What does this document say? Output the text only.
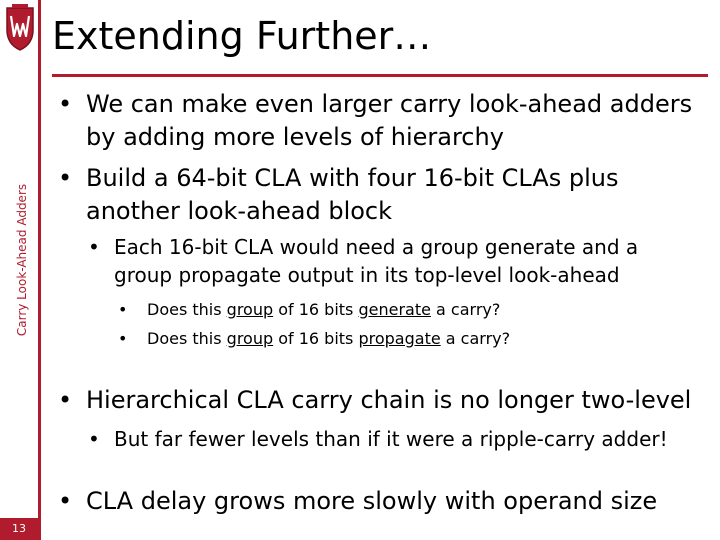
Carry Look-Ahead Adders
13
Extending Further…
• We can make even larger carry look-ahead adders
by adding more levels of hierarchy
• Build a 64-bit CLA with four 16-bit CLAs plus
another look-ahead block
• Each 16-bit CLA would need a group generate and a
group propagate output in its top-level look-ahead
• Does this group of 16 bits generate a carry?
• Does this group of 16 bits propagate a carry?
• Hierarchical CLA carry chain is no longer two-level
• But far fewer levels than if it were a ripple-carry adder!
• CLA delay grows more slowly with operand size
